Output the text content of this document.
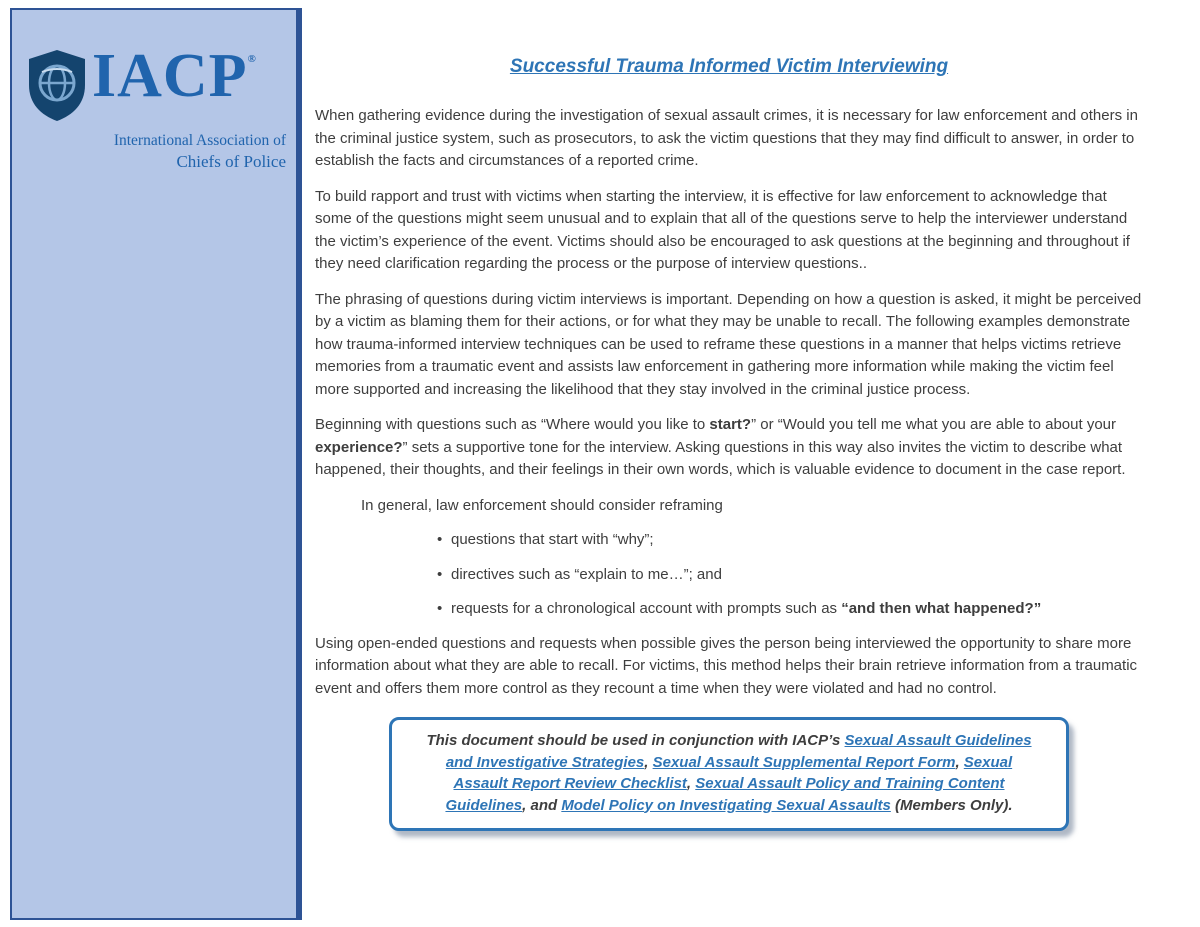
IACP®
International Association of
Chiefs of Police
Successful Trauma Informed Victim Interviewing

When gathering evidence during the investigation of sexual assault crimes, it is necessary for law enforcement and others in the criminal justice system, such as prosecutors, to ask the victim questions that they may find difficult to answer, in order to establish the facts and circumstances of a reported crime.

To build rapport and trust with victims when starting the interview, it is effective for law enforcement to acknowledge that some of the questions might seem unusual and to explain that all of the questions serve to help the interviewer understand the victim’s experience of the event. Victims should also be encouraged to ask questions at the beginning and throughout if they need clarification regarding the process or the purpose of interview questions..

The phrasing of questions during victim interviews is important. Depending on how a question is asked, it might be perceived by a victim as blaming them for their actions, or for what they may be unable to recall. The following examples demonstrate how trauma-informed interview techniques can be used to reframe these questions in a manner that helps victims retrieve memories from a traumatic event and assists law enforcement in gathering more information while making the victim feel more supported and increasing the likelihood that they stay involved in the criminal justice process.

Beginning with questions such as “Where would you like to start?” or “Would you tell me what you are able to about your experience?” sets a supportive tone for the interview. Asking questions in this way also invites the victim to describe what happened, their thoughts, and their feelings in their own words, which is valuable evidence to document in the case report.

In general, law enforcement should consider reframing
• questions that start with “why”;
• directives such as “explain to me…”; and
• requests for a chronological account with prompts such as “and then what happened?”

Using open-ended questions and requests when possible gives the person being interviewed the opportunity to share more information about what they are able to recall. For victims, this method helps their brain retrieve information from a traumatic event and offers them more control as they recount a time when they were violated and had no control.

This document should be used in conjunction with IACP’s Sexual Assault Guidelines and Investigative Strategies, Sexual Assault Supplemental Report Form, Sexual Assault Report Review Checklist, Sexual Assault Policy and Training Content Guidelines, and Model Policy on Investigating Sexual Assaults (Members Only).
